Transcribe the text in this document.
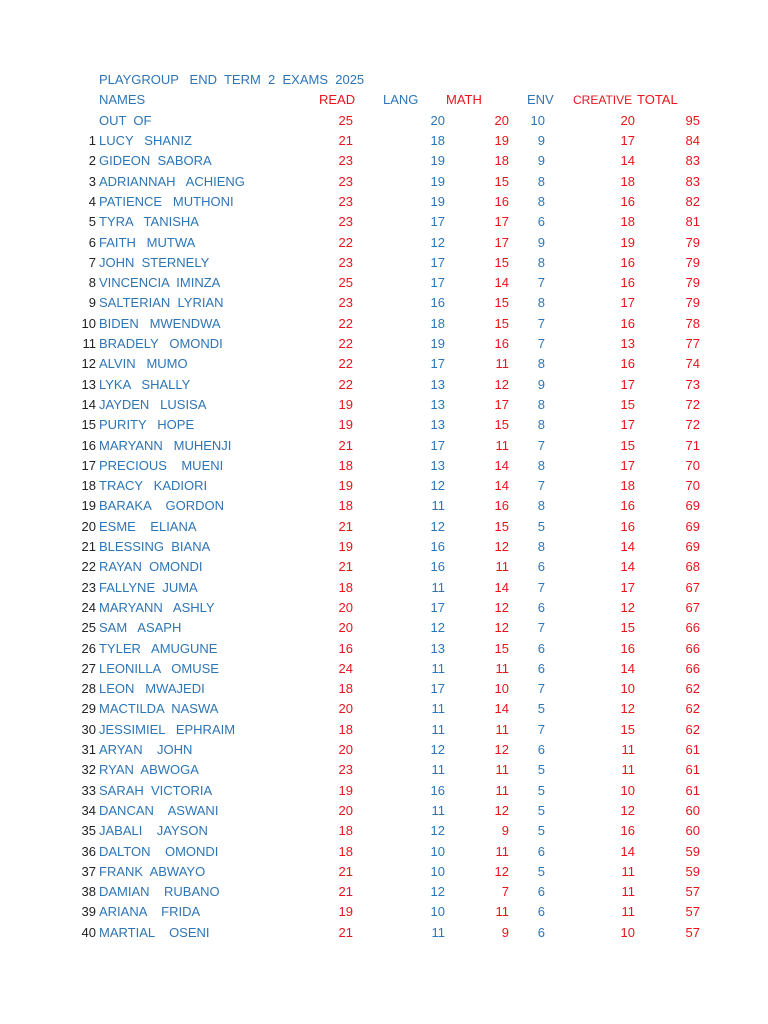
PLAYGROUP   END  TERM  2  EXAMS  2025
NAMES	READ LANG MATH	ENV CREATIVE TOTAL
OUT  OF	25	20	20 10	20	95
1 LUCY   SHANIZ	21	18	19 9	17	84
2 GIDEON  SABORA	23	19	18 9	14	83
3 ADRIANNAH   ACHIENG	23	19	15 8	18	83
4 PATIENCE   MUTHONI	23	19	16 8	16	82
5 TYRA   TANISHA	23	17	17 6	18	81
6 FAITH   MUTWA	22	12	17 9	19	79
7 JOHN  STERNELY	23	17	15 8	16	79
8 VINCENCIA  IMINZA	25	17	14 7	16	79
9 SALTERIAN  LYRIAN	23	16	15 8	17	79
10 BIDEN   MWENDWA	22	18	15 7	16	78
11 BRADELY   OMONDI	22	19	16 7	13	77
12 ALVIN   MUMO	22	17	11 8	16	74
13 LYKA   SHALLY	22	13	12 9	17	73
14 JAYDEN   LUSISA	19	13	17 8	15	72
15 PURITY   HOPE	19	13	15 8	17	72
16 MARYANN   MUHENJI	21	17	11 7	15	71
17 PRECIOUS    MUENI	18	13	14 8	17	70
18 TRACY   KADIORI	19	12	14 7	18	70
19 BARAKA    GORDON	18	11	16 8	16	69
20 ESME    ELIANA	21	12	15 5	16	69
21 BLESSING  BIANA	19	16	12 8	14	69
22 RAYAN  OMONDI	21	16	11 6	14	68
23 FALLYNE  JUMA	18	11	14 7	17	67
24 MARYANN   ASHLY	20	17	12 6	12	67
25 SAM   ASAPH	20	12	12 7	15	66
26 TYLER   AMUGUNE	16	13	15 6	16	66
27 LEONILLA   OMUSE	24	11	11 6	14	66
28 LEON   MWAJEDI	18	17	10 7	10	62
29 MACTILDA  NASWA	20	11	14 5	12	62
30 JESSIMIEL   EPHRAIM	18	11	11 7	15	62
31 ARYAN    JOHN	20	12	12 6	11	61
32 RYAN  ABWOGA	23	11	11 5	11	61
33 SARAH  VICTORIA	19	16	11 5	10	61
34 DANCAN    ASWANI	20	11	12 5	12	60
35 JABALI    JAYSON	18	12	9 5	16	60
36 DALTON    OMONDI	18	10	11 6	14	59
37 FRANK  ABWAYO	21	10	12 5	11	59
38 DAMIAN    RUBANO	21	12	7 6	11	57
39 ARIANA    FRIDA	19	10	11 6	11	57
40 MARTIAL    OSENI	21	11	9 6	10	57
